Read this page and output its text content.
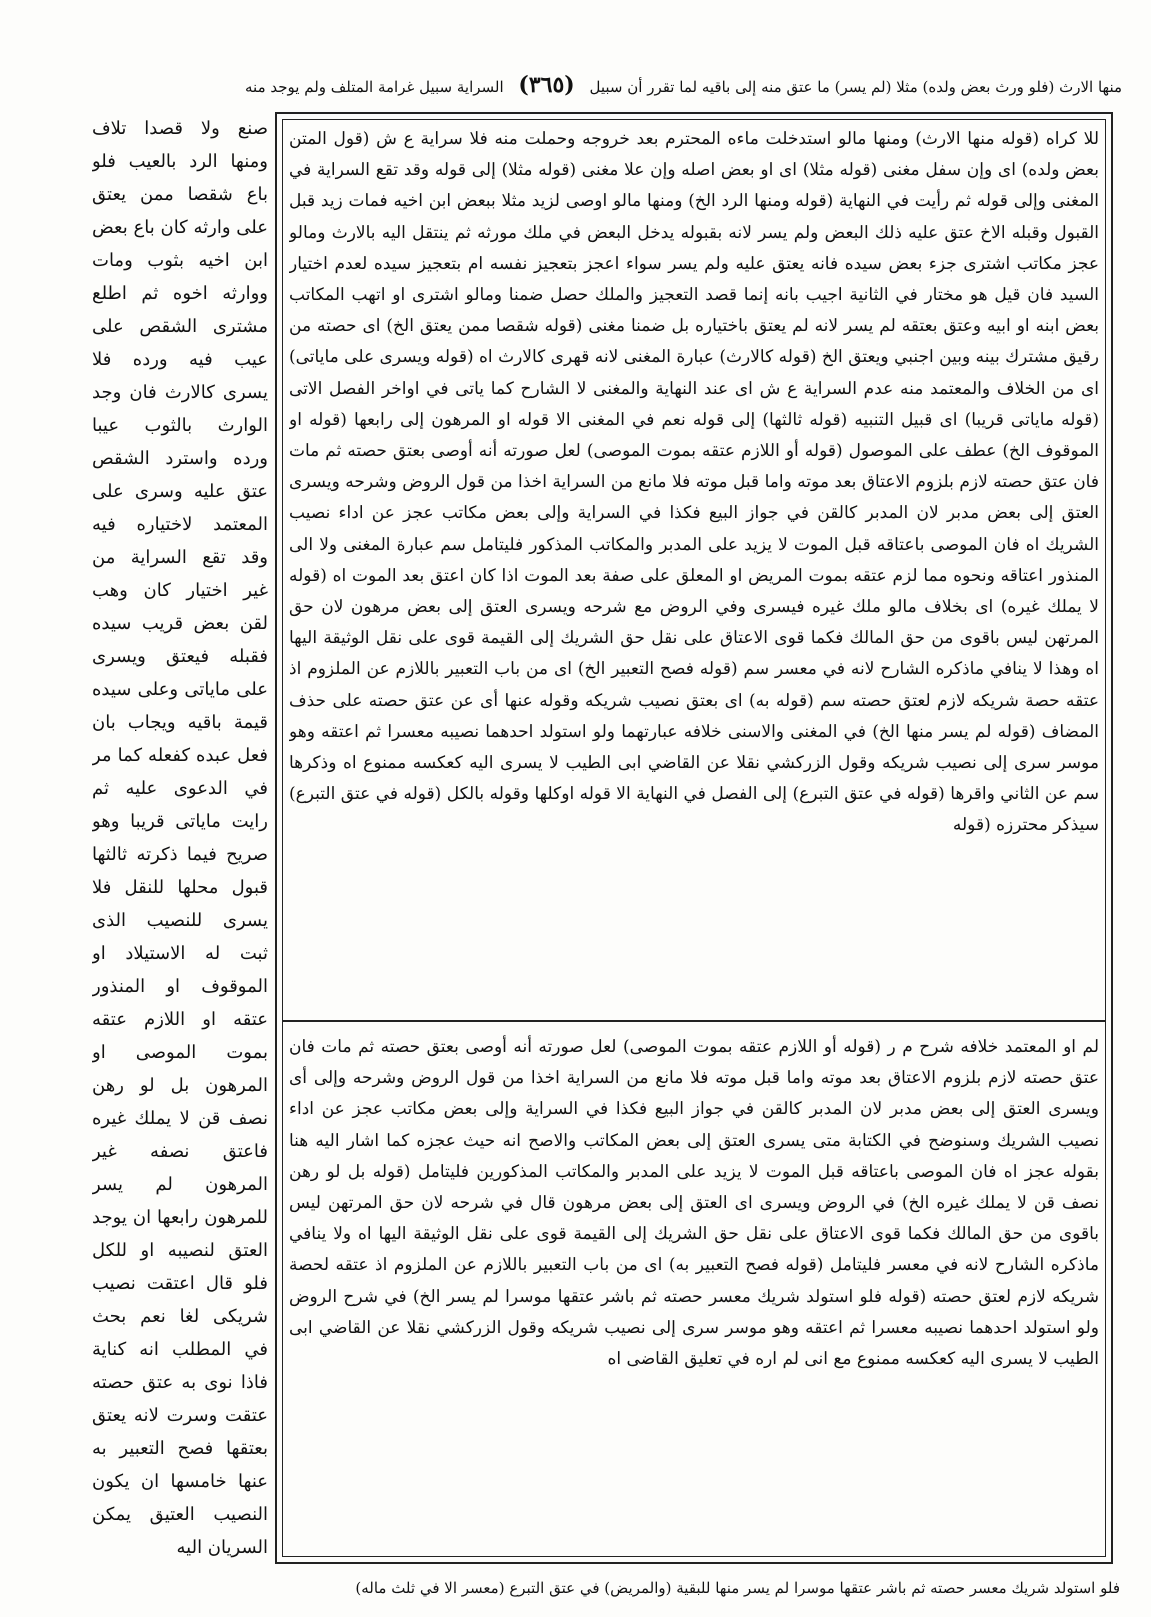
منها الارث (فلو ورث بعض ولده) مثلا (لم يسر) ما عتق منه إلى باقيه لما تقرر أن سبيل (٣٦٥) السراية سبيل غرامة المتلف ولم يوجد منه

للا كراه (قوله منها الارث) ومنها مالو استدخلت ماءه المحترم بعد خروجه وحملت منه فلا سراية ع ش (قول المتن بعض ولده) اى وإن سفل مغنى (قوله مثلا) اى او بعض اصله وإن علا مغنى (قوله مثلا) إلى قوله وقد تقع السراية في المغنى وإلى قوله ثم رأيت في النهاية (قوله ومنها الرد الخ) ومنها مالو اوصى لزيد مثلا ببعض ابن اخيه فمات زيد قبل القبول وقبله الاخ عتق عليه ذلك البعض ولم يسر لانه بقبوله يدخل البعض في ملك مورثه ثم ينتقل اليه بالارث ومالو عجز مكاتب اشترى جزء بعض سيده فانه يعتق عليه ولم يسر سواء اعجز بتعجيز نفسه ام بتعجيز سيده لعدم اختيار السيد فان قيل هو مختار في الثانية اجيب بانه إنما قصد التعجيز والملك حصل ضمنا ومالو اشترى او اتهب المكاتب بعض ابنه او ابيه وعتق بعتقه لم يسر لانه لم يعتق باختياره بل ضمنا مغنى (قوله شقصا ممن يعتق الخ) اى حصته من رقيق مشترك بينه وبين اجنبي ويعتق الخ (قوله كالارث) عبارة المغنى لانه قهرى كالارث اه (قوله ويسرى على ماياتى) اى من الخلاف والمعتمد منه عدم السراية ع ش اى عند النهاية والمغنى لا الشارح كما ياتى في اواخر الفصل الاتى (قوله ماياتى قريبا) اى قبيل التنبيه (قوله ثالثها) إلى قوله نعم في المغنى الا قوله او المرهون إلى رابعها (قوله او الموقوف الخ) عطف على الموصول (قوله أو اللازم عتقه بموت الموصى) لعل صورته أنه أوصى بعتق حصته ثم مات فان عتق حصته لازم بلزوم الاعتاق بعد موته واما قبل موته فلا مانع من السراية اخذا من قول الروض وشرحه ويسرى العتق إلى بعض مدبر لان المدبر كالقن في جواز البيع فكذا في السراية وإلى بعض مكاتب عجز عن اداء نصيب الشريك اه فان الموصى باعتاقه قبل الموت لا يزيد على المدبر والمكاتب المذكور فليتامل سم عبارة المغنى ولا الى المنذور اعتاقه ونحوه مما لزم عتقه بموت المريض او المعلق على صفة بعد الموت اذا كان اعتق بعد الموت اه (قوله لا يملك غيره) اى بخلاف مالو ملك غيره فيسرى وفي الروض مع شرحه ويسرى العتق إلى بعض مرهون لان حق المرتهن ليس باقوى من حق المالك فكما قوى الاعتاق على نقل حق الشريك إلى القيمة قوى على نقل الوثيقة اليها اه وهذا لا ينافي ماذكره الشارح لانه في معسر سم (قوله فصح التعبير الخ) اى من باب التعبير باللازم عن الملزوم اذ عتقه حصة شريكه لازم لعتق حصته سم (قوله به) اى بعتق نصيب شريكه وقوله عنها أى عن عتق حصته على حذف المضاف (قوله لم يسر منها الخ) في المغنى والاسنى خلافه عبارتهما ولو استولد احدهما نصيبه معسرا ثم اعتقه وهو موسر سرى إلى نصيب شريكه وقول الزركشي نقلا عن القاضي ابى الطيب لا يسرى اليه كعكسه ممنوع اه وذكرها سم عن الثاني واقرها (قوله في عتق التبرع) إلى الفصل في النهاية الا قوله اوكلها وقوله بالكل (قوله في عتق التبرع) سيذكر محترزه (قوله

لم او المعتمد خلافه شرح م ر (قوله أو اللازم عتقه بموت الموصى) لعل صورته أنه أوصى بعتق حصته ثم مات فان عتق حصته لازم بلزوم الاعتاق بعد موته واما قبل موته فلا مانع من السراية اخذا من قول الروض وشرحه وإلى أى ويسرى العتق إلى بعض مدبر لان المدبر كالقن في جواز البيع فكذا في السراية وإلى بعض مكاتب عجز عن اداء نصيب الشريك وسنوضح في الكتابة متى يسرى العتق إلى بعض المكاتب والاصح انه حيث عجزه كما اشار اليه هنا بقوله عجز اه فان الموصى باعتاقه قبل الموت لا يزيد على المدبر والمكاتب المذكورين فليتامل (قوله بل لو رهن نصف قن لا يملك غيره الخ) في الروض ويسرى اى العتق إلى بعض مرهون قال في شرحه لان حق المرتهن ليس باقوى من حق المالك فكما قوى الاعتاق على نقل حق الشريك إلى القيمة قوى على نقل الوثيقة اليها اه ولا ينافي ماذكره الشارح لانه في معسر فليتامل (قوله فصح التعبير به) اى من باب التعبير باللازم عن الملزوم اذ عتقه لحصة شريكه لازم لعتق حصته (قوله فلو استولد شريك معسر حصته ثم باشر عتقها موسرا لم يسر الخ) في شرح الروض ولو استولد احدهما نصيبه معسرا ثم اعتقه وهو موسر سرى إلى نصيب شريكه وقول الزركشي نقلا عن القاضي ابى الطيب لا يسرى اليه كعكسه ممنوع مع انى لم اره في تعليق القاضى اه

صنع ولا قصدا تلاف ومنها الرد بالعيب فلو باع شقصا ممن يعتق على وارثه كان باع بعض ابن اخيه بثوب ومات ووارثه اخوه ثم اطلع مشترى الشقص على عيب فيه ورده فلا يسرى كالارث فان وجد الوارث بالثوب عيبا ورده واسترد الشقص عتق عليه وسرى على المعتمد لاختياره فيه وقد تقع السراية من غير اختيار كان وهب لقن بعض قريب سيده فقبله فيعتق ويسرى على ماياتى وعلى سيده قيمة باقيه ويجاب بان فعل عبده كفعله كما مر في الدعوى عليه ثم رايت ماياتى قريبا وهو صريح فيما ذكرته ثالثها قبول محلها للنقل فلا يسرى للنصيب الذى ثبت له الاستيلاد او الموقوف او المنذور عتقه او اللازم عتقه بموت الموصى او المرهون بل لو رهن نصف قن لا يملك غيره فاعتق نصفه غير المرهون لم يسر للمرهون رابعها ان يوجد العتق لنصيبه او للكل فلو قال اعتقت نصيب شريكى لغا نعم بحث في المطلب انه كناية فاذا نوى به عتق حصته عتقت وسرت لانه يعتق بعتقها فصح التعبير به عنها خامسها ان يكون النصيب العتيق يمكن السريان اليه

فلو استولد شريك معسر حصته ثم باشر عتقها موسرا لم يسر منها للبقية (والمريض) في عتق التبرع (معسر الا في ثلث ماله)
